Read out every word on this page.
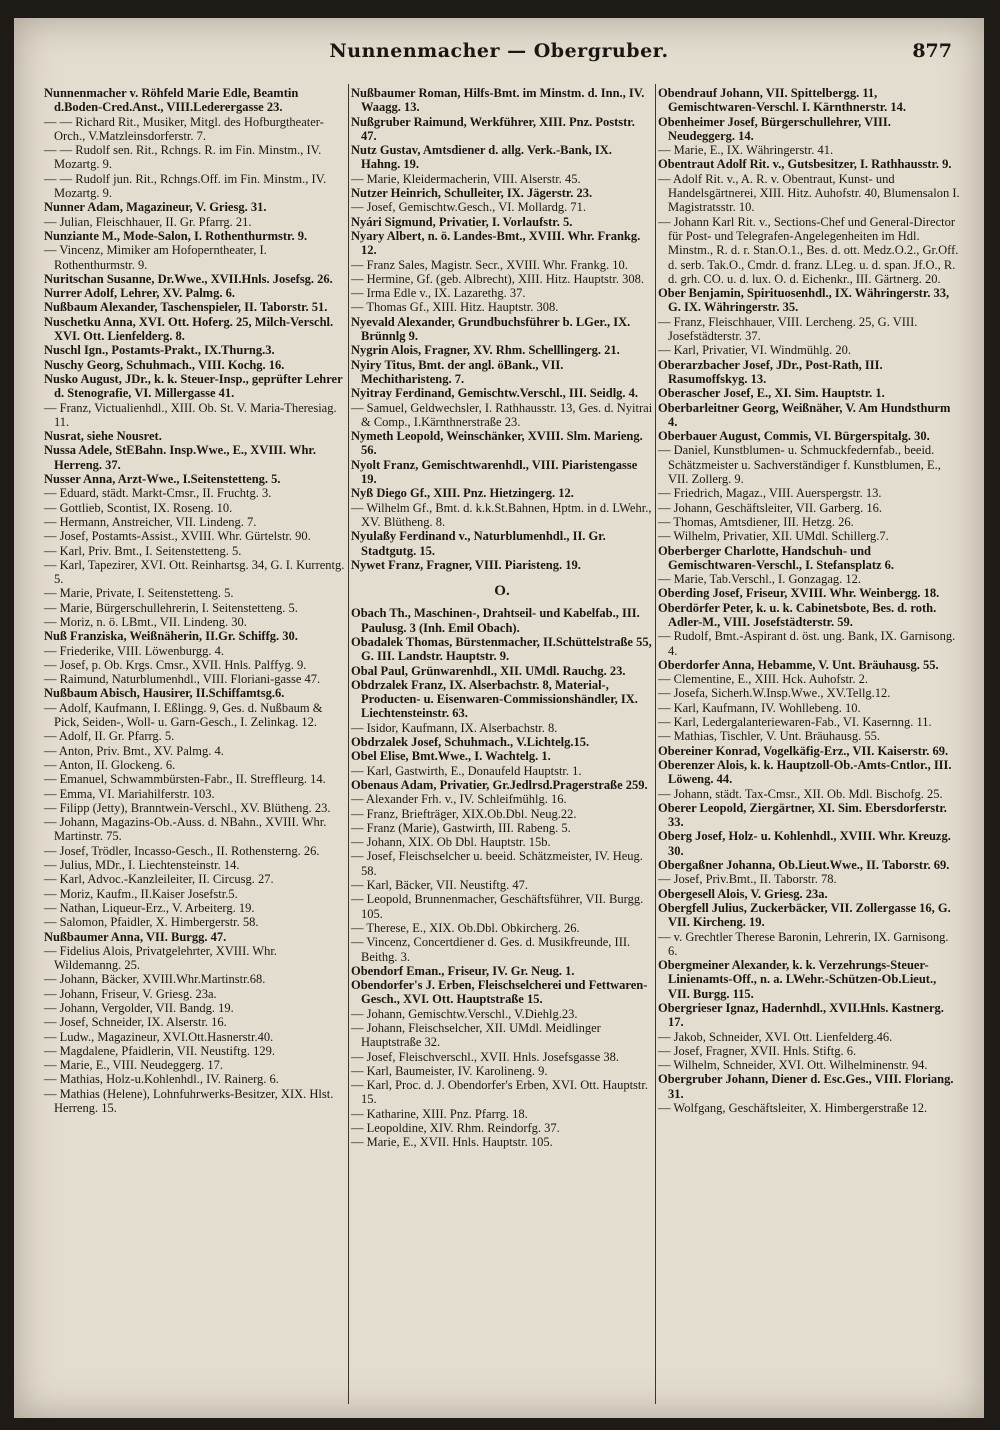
Nunnenmacher — Obergruber.	877

Nunnenmacher v. Röhfeld Marie Edle, Beamtin d.Boden-Cred.Anst., VIII.Lederergasse 23.

— — Richard Rit., Musiker, Mitgl. des Hofburgtheater-Orch., V.Matzleinsdorferstr. 7.

— — Rudolf sen. Rit., Rchngs. R. im Fin. Minstm., IV. Mozartg. 9.

— — Rudolf jun. Rit., Rchngs.Off. im Fin. Minstm., IV. Mozartg. 9.

Nunner Adam, Magazineur, V. Griesg. 31.

— Julian, Fleischhauer, II. Gr. Pfarrg. 21.

Nunziante M., Mode-Salon, I. Rothenthurmstr. 9.

— Vincenz, Mimiker am Hofoperntheater, I. Rothenthurmstr. 9.

Nuritschan Susanne, Dr.Wwe., XVII.Hnls. Josefsg. 26.

Nurrer Adolf, Lehrer, XV. Palmg. 6.

Nußbaum Alexander, Taschenspieler, II. Taborstr. 51.

Nuschetku Anna, XVI. Ott. Hoferg. 25, Milch-Verschl. XVI. Ott. Lienfelderg. 8.

Nuschl Ign., Postamts-Prakt., IX.Thurng.3.

Nuschy Georg, Schuhmach., VIII. Kochg. 16.

Nusko August, JDr., k. k. Steuer-Insp., geprüfter Lehrer d. Stenografie, VI. Millergasse 41.

— Franz, Victualienhdl., XIII. Ob. St. V. Maria-Theresiag. 11.

Nusrat, siehe Nousret.

Nussa Adele, StEBahn. Insp.Wwe., E., XVIII. Whr. Herreng. 37.

Nusser Anna, Arzt-Wwe., I.Seitenstetteng. 5.

— Eduard, städt. Markt-Cmsr., II. Fruchtg. 3.

— Gottlieb, Scontist, IX. Roseng. 10.

— Hermann, Anstreicher, VII. Lindeng. 7.

— Josef, Postamts-Assist., XVIII. Whr. Gürtelstr. 90.

— Karl, Priv. Bmt., I. Seitenstetteng. 5.

— Karl, Tapezirer, XVI. Ott. Reinhartsg. 34, G. I. Kurrentg. 5.

— Marie, Private, I. Seitenstetteng. 5.

— Marie, Bürgerschullehrerin, I. Seitenstetteng. 5.

— Moriz, n. ö. LBmt., VII. Lindeng. 30.

Nuß Franziska, Weißnäherin, II.Gr. Schiffg. 30.

— Friederike, VIII. Löwenburgg. 4.

— Josef, p. Ob. Krgs. Cmsr., XVII. Hnls. Palffyg. 9.

— Raimund, Naturblumenhdl., VIII. Floriani-gasse 47.

Nußbaum Abisch, Hausirer, II.Schiffamtsg.6.

— Adolf, Kaufmann, I. Eßlingg. 9, Ges. d. Nußbaum & Pick, Seiden-, Woll- u. Garn-Gesch., I. Zelinkag. 12.

— Adolf, II. Gr. Pfarrg. 5.

— Anton, Priv. Bmt., XV. Palmg. 4.

— Anton, II. Glockeng. 6.

— Emanuel, Schwammbürsten-Fabr., II. Streffleurg. 14.

— Emma, VI. Mariahilferstr. 103.

— Filipp (Jetty), Branntwein-Verschl., XV. Blütheng. 23.

— Johann, Magazins-Ob.-Auss. d. NBahn., XVIII. Whr. Martinstr. 75.

— Josef, Trödler, Incasso-Gesch., II. Rothensterng. 26.

— Julius, MDr., I. Liechtensteinstr. 14.

— Karl, Advoc.-Kanzleileiter, II. Circusg. 27.

— Moriz, Kaufm., II.Kaiser Josefstr.5.

— Nathan, Liqueur-Erz., V. Arbeiterg. 19.

— Salomon, Pfaidler, X. Himbergerstr. 58.

Nußbaumer Anna, VII. Burgg. 47.

— Fidelius Alois, Privatgelehrter, XVIII. Whr. Wildemanng. 25.

— Johann, Bäcker, XVIII.Whr.Martinstr.68.

— Johann, Friseur, V. Griesg. 23a.

— Johann, Vergolder, VII. Bandg. 19.

— Josef, Schneider, IX. Alserstr. 16.

— Ludw., Magazineur, XVI.Ott.Hasnerstr.40.

— Magdalene, Pfaidlerin, VII. Neustiftg. 129.

— Marie, E., VIII. Neudeggerg. 17.

— Mathias, Holz-u.Kohlenhdl., IV. Rainerg. 6.

— Mathias (Helene), Lohnfuhrwerks-Besitzer, XIX. Hlst. Herreng. 15.

Nußbaumer Roman, Hilfs-Bmt. im Minstm. d. Inn., IV. Waagg. 13.

Nußgruber Raimund, Werkführer, XIII. Pnz. Poststr. 47.

Nutz Gustav, Amtsdiener d. allg. Verk.-Bank, IX. Hahng. 19.

— Marie, Kleidermacherin, VIII. Alserstr. 45.

Nutzer Heinrich, Schulleiter, IX. Jägerstr. 23.

— Josef, Gemischtw.Gesch., VI. Mollardg. 71.

Nyári Sigmund, Privatier, I. Vorlaufstr. 5.

Nyary Albert, n. ö. Landes-Bmt., XVIII. Whr. Frankg. 12.

— Franz Sales, Magistr. Secr., XVIII. Whr. Frankg. 10.

— Hermine, Gf. (geb. Albrecht), XIII. Hitz. Hauptstr. 308.

— Irma Edle v., IX. Lazarethg. 37.

— Thomas Gf., XIII. Hitz. Hauptstr. 308.

Nyevald Alexander, Grundbuchsführer b. LGer., IX. Brünnlg 9.

Nygrin Alois, Fragner, XV. Rhm. Schelllingerg. 21.

Nyiry Titus, Bmt. der angl. öBank., VII. Mechitharisteng. 7.

Nyitray Ferdinand, Gemischtw.Verschl., III. Seidlg. 4.

— Samuel, Geldwechsler, I. Rathhausstr. 13, Ges. d. Nyitrai & Comp., I.Kärnthnerstraße 23.

Nymeth Leopold, Weinschänker, XVIII. Slm. Marieng. 56.

Nyolt Franz, Gemischtwarenhdl., VIII. Piaristengasse 19.

Nyß Diego Gf., XIII. Pnz. Hietzingerg. 12.

— Wilhelm Gf., Bmt. d. k.k.St.Bahnen, Hptm. in d. LWehr., XV. Blütheng. 8.

Nyulaßy Ferdinand v., Naturblumenhdl., II. Gr. Stadtgutg. 15.

Nywet Franz, Fragner, VIII. Piaristeng. 19.

O.

Obach Th., Maschinen-, Drahtseil- und Kabelfab., III. Paulusg. 3 (Inh. Emil Obach).

Obadalek Thomas, Bürstenmacher, II.Schüttelstraße 55, G. III. Landstr. Hauptstr. 9.

Obal Paul, Grünwarenhdl., XII. UMdl. Rauchg. 23.

Obdrzalek Franz, IX. Alserbachstr. 8, Material-, Producten- u. Eisenwaren-Commissionshändler, IX. Liechtensteinstr. 63.

— Isidor, Kaufmann, IX. Alserbachstr. 8.

Obdrzalek Josef, Schuhmach., V.Lichtelg.15.

Obel Elise, Bmt.Wwe., I. Wachtelg. 1.

— Karl, Gastwirth, E., Donaufeld Hauptstr. 1.

Obenaus Adam, Privatier, Gr.Jedlrsd.Pragerstraße 259.

— Alexander Frh. v., IV. Schleifmühlg. 16.

— Franz, Briefträger, XIX.Ob.Dbl. Neug.22.

— Franz (Marie), Gastwirth, III. Rabeng. 5.

— Johann, XIX. Ob Dbl. Hauptstr. 15b.

— Josef, Fleischselcher u. beeid. Schätzmeister, IV. Heug. 58.

— Karl, Bäcker, VII. Neustiftg. 47.

— Leopold, Brunnenmacher, Geschäftsführer, VII. Burgg. 105.

— Therese, E., XIX. Ob.Dbl. Obkircherg. 26.

— Vincenz, Concertdiener d. Ges. d. Musikfreunde, III. Beithg. 3.

Obendorf Eman., Friseur, IV. Gr. Neug. 1.

Obendorfer's J. Erben, Fleischselcherei und Fettwaren-Gesch., XVI. Ott. Hauptstraße 15.

— Johann, Gemischtw.Verschl., V.Diehlg.23.

— Johann, Fleischselcher, XII. UMdl. Meidlinger Hauptstraße 32.

— Josef, Fleischverschl., XVII. Hnls. Josefsgasse 38.

— Karl, Baumeister, IV. Karolineng. 9.

— Karl, Proc. d. J. Obendorfer's Erben, XVI. Ott. Hauptstr. 15.

— Katharine, XIII. Pnz. Pfarrg. 18.

— Leopoldine, XIV. Rhm. Reindorfg. 37.

— Marie, E., XVII. Hnls. Hauptstr. 105.

Obendrauf Johann, VII. Spittelbergg. 11, Gemischtwaren-Verschl. I. Kärnthnerstr. 14.

Obenheimer Josef, Bürgerschullehrer, VIII. Neudeggerg. 14.

— Marie, E., IX. Währingerstr. 41.

Obentraut Adolf Rit. v., Gutsbesitzer, I. Rathhausstr. 9.

— Adolf Rit. v., A. R. v. Obentraut, Kunst- und Handelsgärtnerei, XIII. Hitz. Auhofstr. 40, Blumensalon I. Magistratsstr. 10.

— Johann Karl Rit. v., Sections-Chef und General-Director für Post- und Telegrafen-Angelegenheiten im Hdl. Minstm., R. d. r. Stan.O.1., Bes. d. ott. Medz.O.2., Gr.Off. d. serb. Tak.O., Cmdr. d. franz. LLeg. u. d. span. Jf.O., R. d. grh. CO. u. d. lux. O. d. Eichenkr., III. Gärtnerg. 20.

Ober Benjamin, Spirituosenhdl., IX. Währingerstr. 33, G. IX. Währingerstr. 35.

— Franz, Fleischhauer, VIII. Lercheng. 25, G. VIII. Josefstädterstr. 37.

— Karl, Privatier, VI. Windmühlg. 20.

Oberarzbacher Josef, JDr., Post-Rath, III. Rasumoffskyg. 13.

Oberascher Josef, E., XI. Sim. Hauptstr. 1.

Oberbarleitner Georg, Weißnäher, V. Am Hundsthurm 4.

Oberbauer August, Commis, VI. Bürgerspitalg. 30.

— Daniel, Kunstblumen- u. Schmuckfedernfab., beeid. Schätzmeister u. Sachverständiger f. Kunstblumen, E., VII. Zollerg. 9.

— Friedrich, Magaz., VIII. Auerspergstr. 13.

— Johann, Geschäftsleiter, VII. Garberg. 16.

— Thomas, Amtsdiener, III. Hetzg. 26.

— Wilhelm, Privatier, XII. UMdl. Schillerg.7.

Oberberger Charlotte, Handschuh- und Gemischtwaren-Verschl., I. Stefansplatz 6.

— Marie, Tab.Verschl., I. Gonzagag. 12.

Oberding Josef, Friseur, XVIII. Whr. Weinbergg. 18.

Oberdörfer Peter, k. u. k. Cabinetsbote, Bes. d. roth. Adler-M., VIII. Josefstädterstr. 59.

— Rudolf, Bmt.-Aspirant d. öst. ung. Bank, IX. Garnisong. 4.

Oberdorfer Anna, Hebamme, V. Unt. Bräuhausg. 55.

— Clementine, E., XIII. Hck. Auhofstr. 2.

— Josefa, Sicherh.W.Insp.Wwe., XV.Tellg.12.

— Karl, Kaufmann, IV. Wohllebeng. 10.

— Karl, Ledergalanteriewaren-Fab., VI. Kasernng. 11.

— Mathias, Tischler, V. Unt. Bräuhausg. 55.

Obereiner Konrad, Vogelkäfig-Erz., VII. Kaiserstr. 69.

Oberenzer Alois, k. k. Hauptzoll-Ob.-Amts-Cntlor., III. Löweng. 44.

— Johann, städt. Tax-Cmsr., XII. Ob. Mdl. Bischofg. 25.

Oberer Leopold, Ziergärtner, XI. Sim. Ebersdorferstr. 33.

Oberg Josef, Holz- u. Kohlenhdl., XVIII. Whr. Kreuzg. 30.

Obergaßner Johanna, Ob.Lieut.Wwe., II. Taborstr. 69.

— Josef, Priv.Bmt., II. Taborstr. 78.

Obergesell Alois, V. Griesg. 23a.

Obergfell Julius, Zuckerbäcker, VII. Zollergasse 16, G. VII. Kircheng. 19.

— v. Grechtler Therese Baronin, Lehrerin, IX. Garnisong. 6.

Obergmeiner Alexander, k. k. Verzehrungs-Steuer-Linienamts-Off., n. a. LWehr.-Schützen-Ob.Lieut., VII. Burgg. 115.

Obergrieser Ignaz, Hadernhdl., XVII.Hnls. Kastnerg. 17.

— Jakob, Schneider, XVI. Ott. Lienfelderg.46.

— Josef, Fragner, XVII. Hnls. Stiftg. 6.

— Wilhelm, Schneider, XVI. Ott. Wilhelminenstr. 94.

Obergruber Johann, Diener d. Esc.Ges., VIII. Floriang. 31.

— Wolfgang, Geschäftsleiter, X. Himbergerstraße 12.
